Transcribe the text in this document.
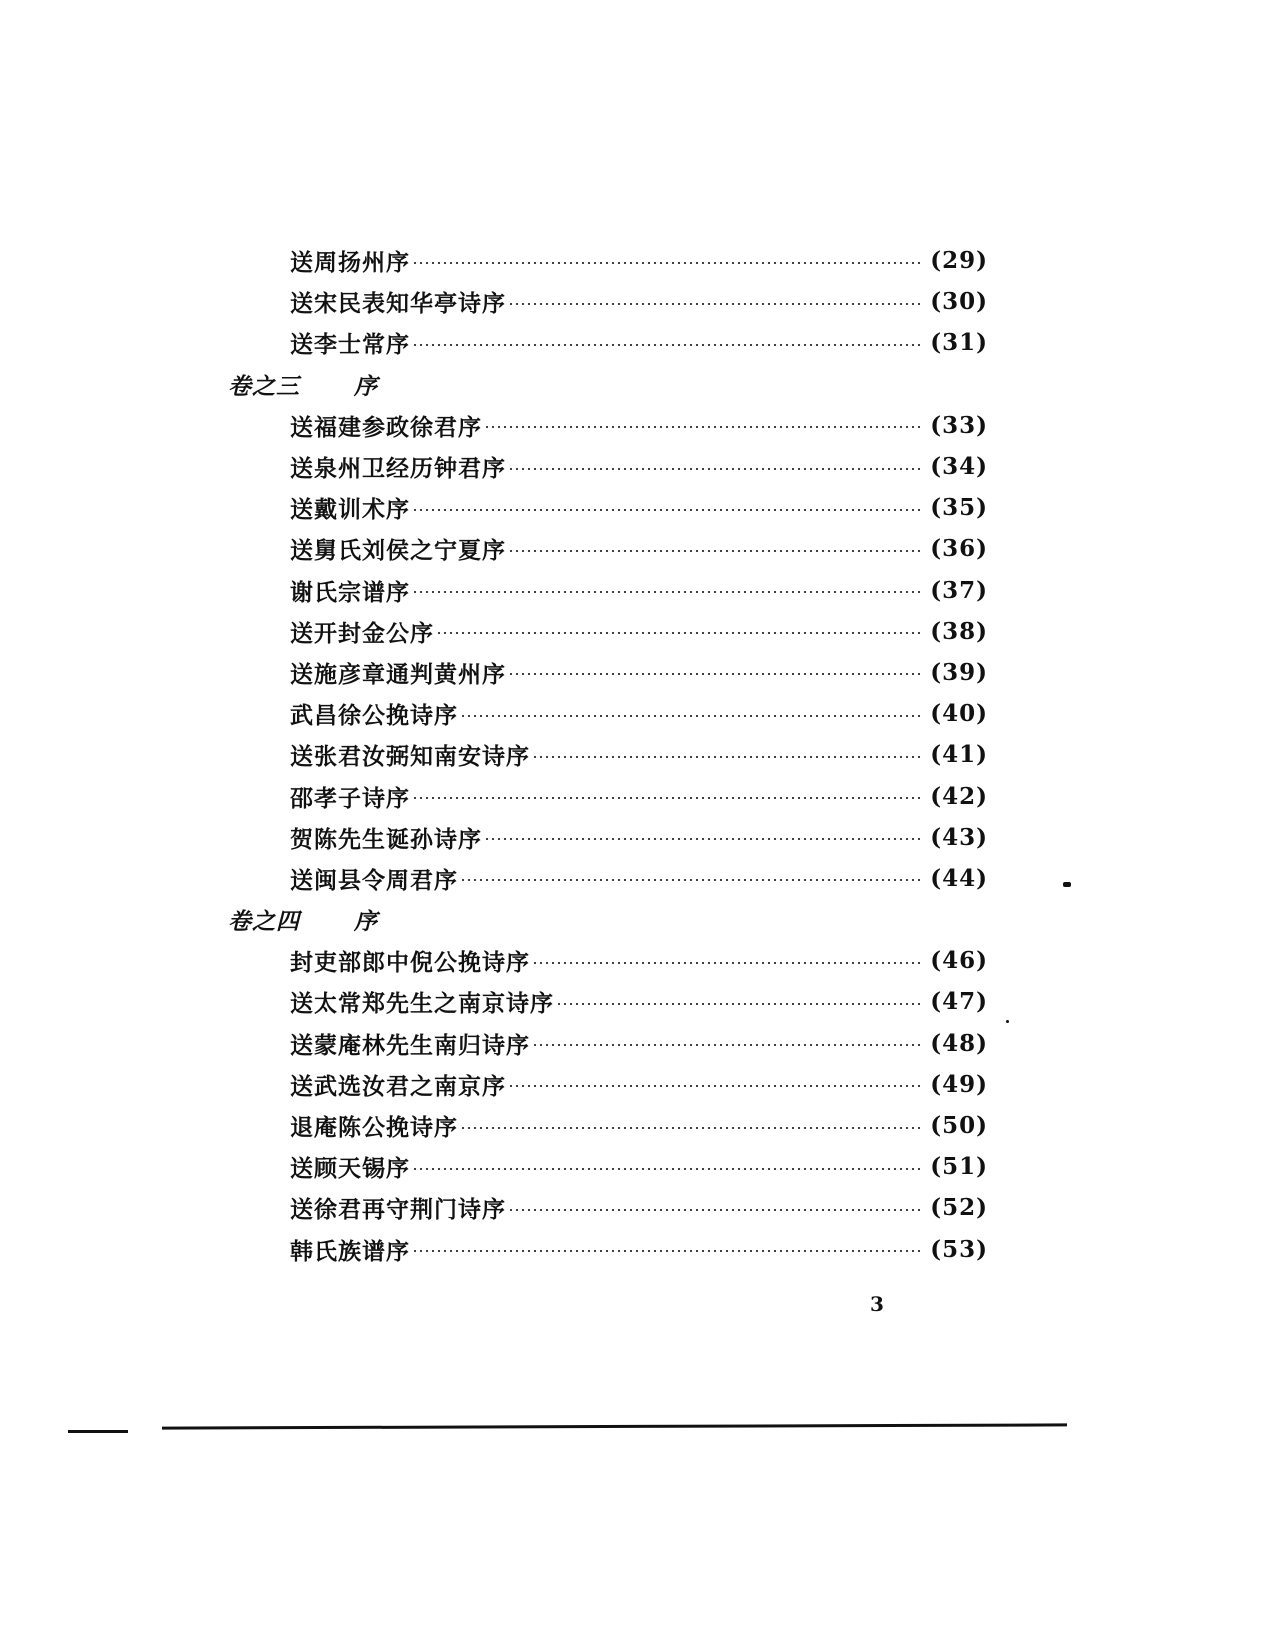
送周扬州序	(29)
送宋民表知华亭诗序	(30)
送李士常序	(31)
卷之三 序
送福建参政徐君序	(33)
送泉州卫经历钟君序	(34)
送戴训术序	(35)
送舅氏刘侯之宁夏序	(36)
谢氏宗谱序	(37)
送开封金公序	(38)
送施彦章通判黄州序	(39)
武昌徐公挽诗序	(40)
送张君汝弼知南安诗序	(41)
邵孝子诗序	(42)
贺陈先生诞孙诗序	(43)
送闽县令周君序	(44)
卷之四 序
封吏部郎中倪公挽诗序	(46)
送太常郑先生之南京诗序	(47)
送蒙庵林先生南归诗序	(48)
送武选汝君之南京序	(49)
退庵陈公挽诗序	(50)
送顾天锡序	(51)
送徐君再守荆门诗序	(52)
韩氏族谱序	(53)
3
